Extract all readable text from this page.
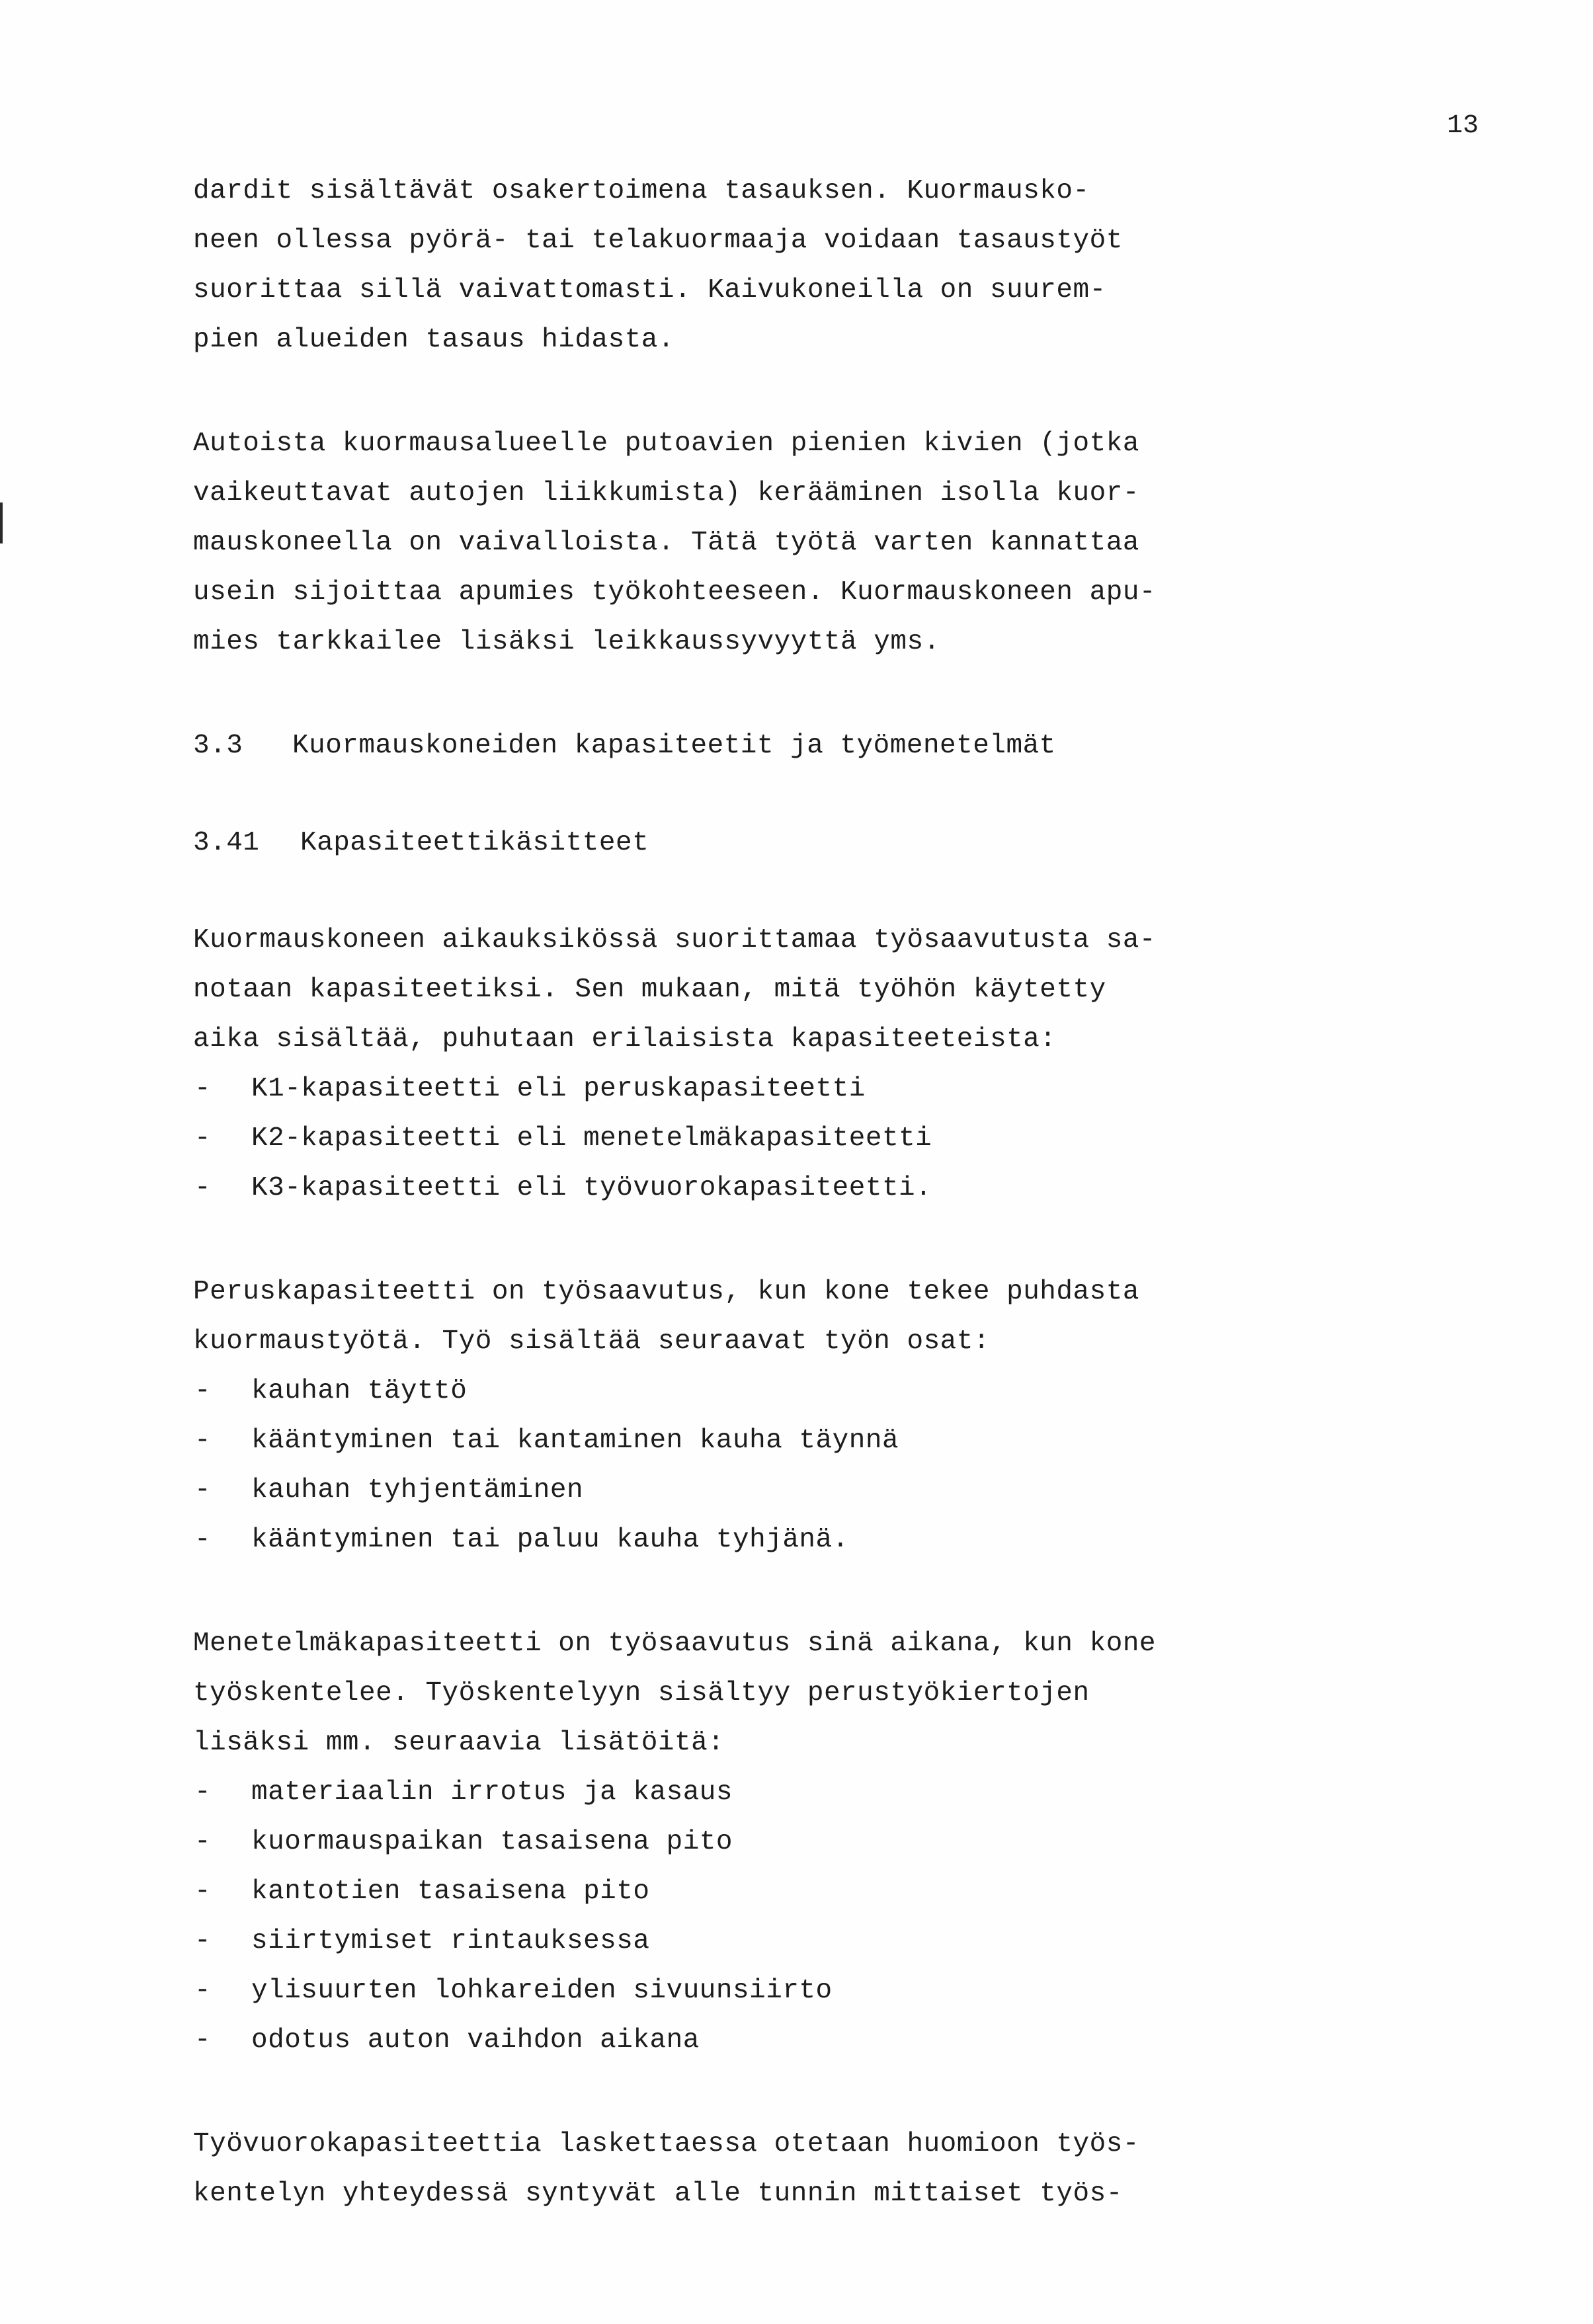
13
dardit sisältävät osakertoimena tasauksen. Kuormausko-
neen ollessa pyörä- tai telakuormaaja voidaan tasaustyöt
suorittaa sillä vaivattomasti. Kaivukoneilla on suurem-
pien alueiden tasaus hidasta.
Autoista kuormausalueelle putoavien pienien kivien (jotka
vaikeuttavat autojen liikkumista) kerääminen isolla kuor-
mauskoneella on vaivalloista. Tätä työtä varten kannattaa
usein sijoittaa apumies työkohteeseen. Kuormauskoneen apu-
mies tarkkailee lisäksi leikkaussyvyyttä yms.
3.3 Kuormauskoneiden kapasiteetit ja työmenetelmät
3.41 Kapasiteettikäsitteet
Kuormauskoneen aikauksikössä suorittamaa työsaavutusta sa-
notaan kapasiteetiksi. Sen mukaan, mitä työhön käytetty
aika sisältää, puhutaan erilaisista kapasiteeteista:
- K1-kapasiteetti eli peruskapasiteetti
- K2-kapasiteetti eli menetelmäkapasiteetti
- K3-kapasiteetti eli työvuorokapasiteetti.
Peruskapasiteetti on työsaavutus, kun kone tekee puhdasta
kuormaustyötä. Työ sisältää seuraavat työn osat:
- kauhan täyttö
- kääntyminen tai kantaminen kauha täynnä
- kauhan tyhjentäminen
- kääntyminen tai paluu kauha tyhjänä.
Menetelmäkapasiteetti on työsaavutus sinä aikana, kun kone
työskentelee. Työskentelyyn sisältyy perustyökiertojen
lisäksi mm. seuraavia lisätöitä:
- materiaalin irrotus ja kasaus
- kuormauspaikan tasaisena pito
- kantotien tasaisena pito
- siirtymiset rintauksessa
- ylisuurten lohkareiden sivuunsiirto
- odotus auton vaihdon aikana
Työvuorokapasiteettia laskettaessa otetaan huomioon työs-
kentelyn yhteydessä syntyvät alle tunnin mittaiset työs-
